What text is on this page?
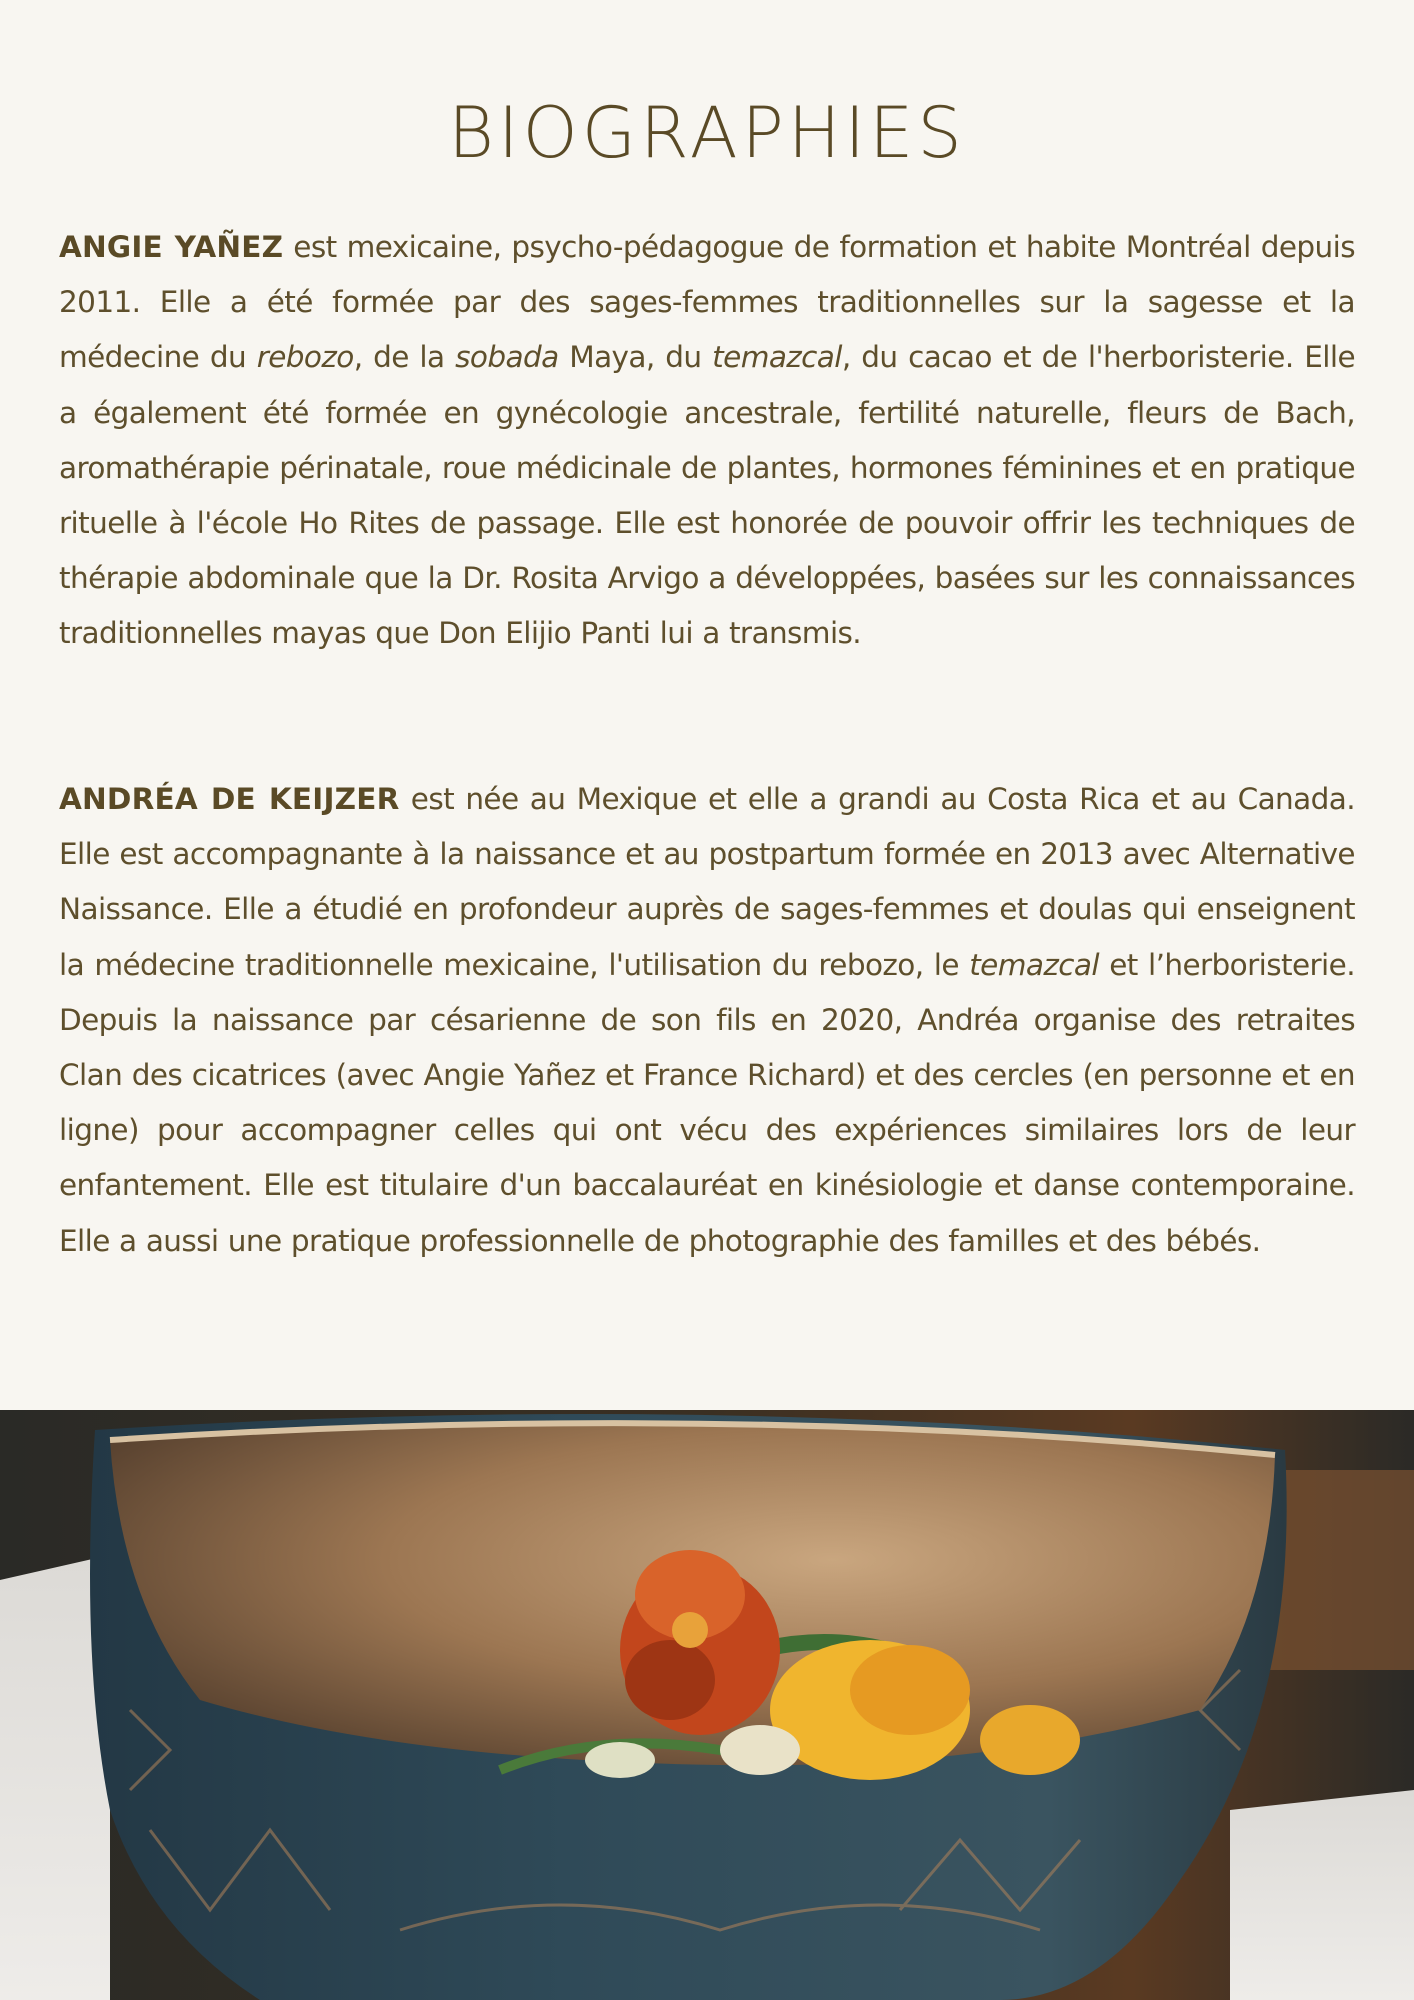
BIOGRAPHIES

ANGIE YAÑEZ est mexicaine, psycho-pédagogue de formation et habite Montréal depuis 2011. Elle a été formée par des sages-femmes traditionnelles sur la sagesse et la médecine du rebozo, de la sobada Maya, du temazcal, du cacao et de l'herboristerie. Elle a également été formée en gynécologie ancestrale, fertilité naturelle, fleurs de Bach, aromathérapie périnatale, roue médicinale de plantes, hormones féminines et en pratique rituelle à l'école Ho Rites de passage. Elle est honorée de pouvoir offrir les techniques de thérapie abdominale que la Dr. Rosita Arvigo a développées, basées sur les connaissances traditionnelles mayas que Don Elijio Panti lui a transmis.

ANDRÉA DE KEIJZER est née au Mexique et elle a grandi au Costa Rica et au Canada. Elle est accompagnante à la naissance et au postpartum formée en 2013 avec Alternative Naissance. Elle a étudié en profondeur auprès de sages-femmes et doulas qui enseignent la médecine traditionnelle mexicaine, l'utilisation du rebozo, le temazcal et l’herboristerie. Depuis la naissance par césarienne de son fils en 2020, Andréa organise des retraites Clan des cicatrices (avec Angie Yañez et France Richard) et des cercles (en personne et en ligne) pour accompagner celles qui ont vécu des expériences similaires lors de leur enfantement. Elle est titulaire d'un baccalauréat en kinésiologie et danse contemporaine. Elle a aussi une pratique professionnelle de photographie des familles et des bébés.
